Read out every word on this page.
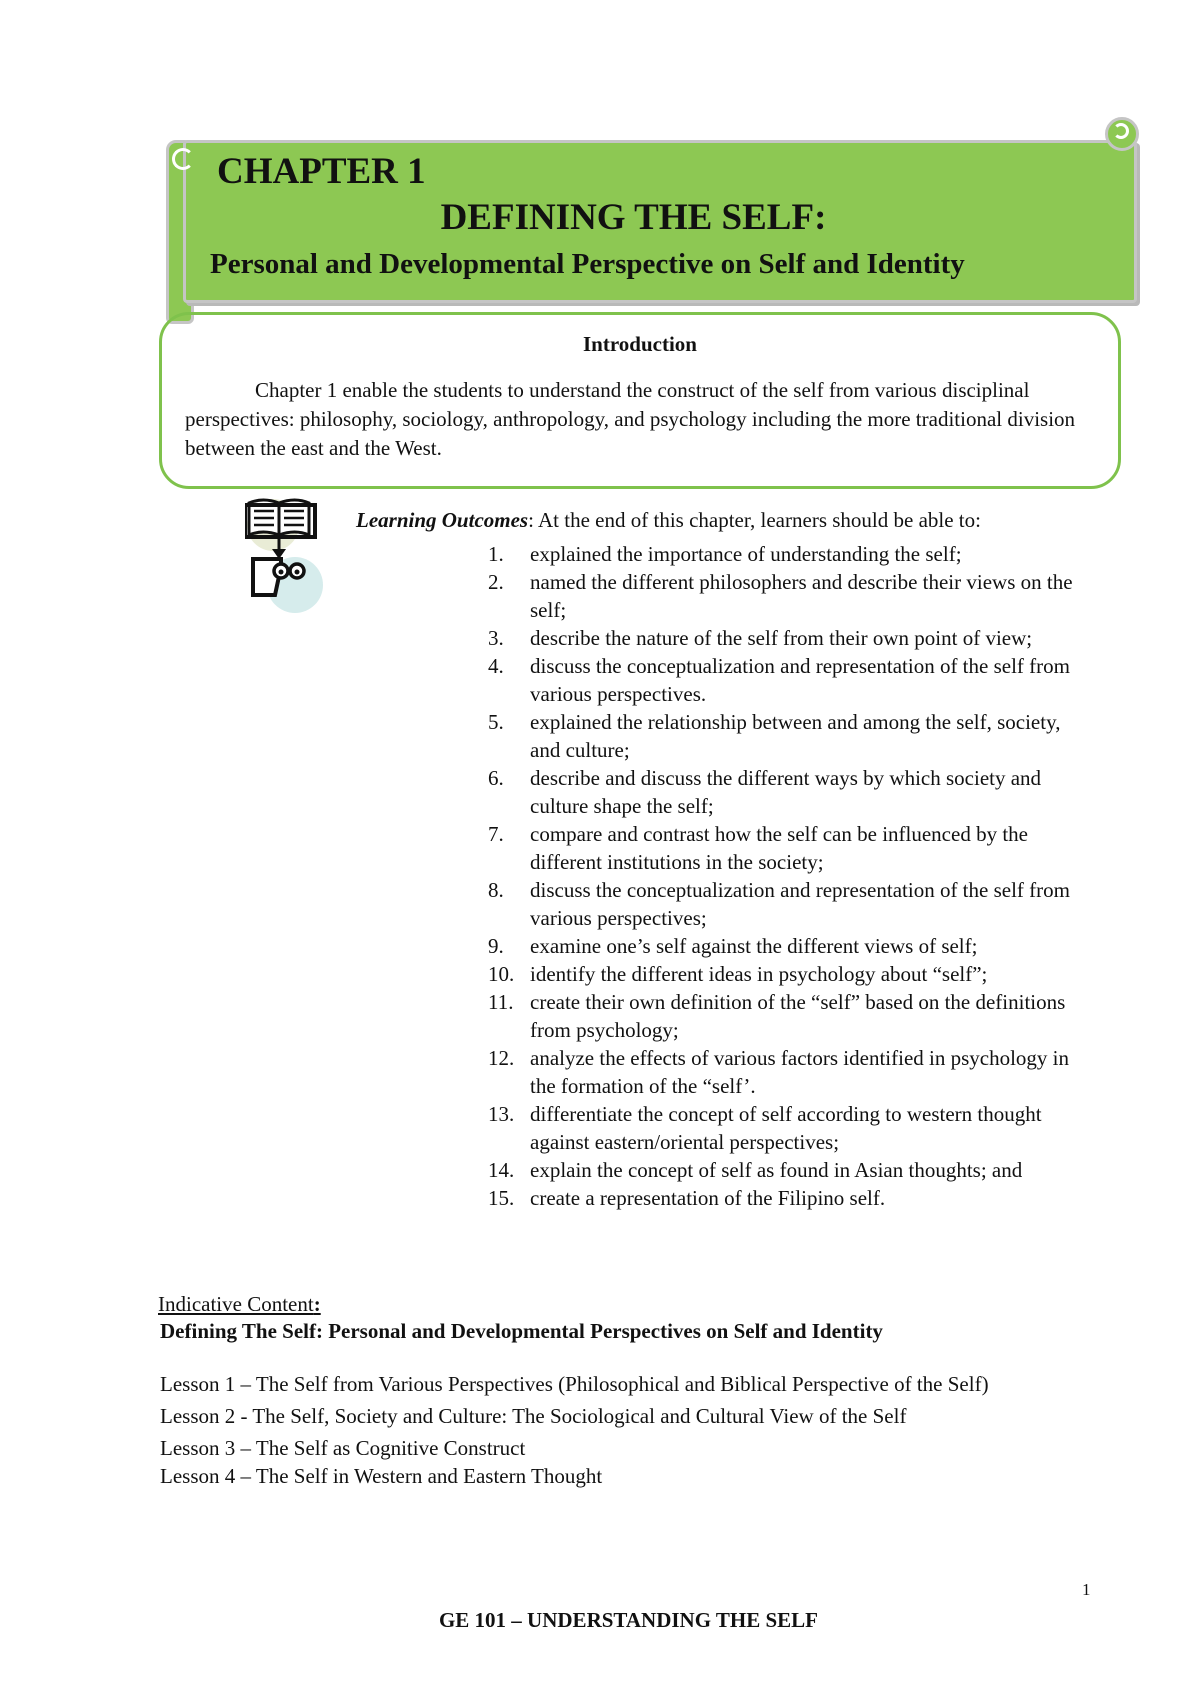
CHAPTER 1
DEFINING THE SELF:
Personal and Developmental Perspective on Self and Identity
Introduction
Chapter 1 enable the students to understand the construct of the self from various disciplinal perspectives: philosophy, sociology, anthropology, and psychology including the more traditional division between the east and the West.
Learning Outcomes: At the end of this chapter, learners should be able to:
1. explained the importance of understanding the self;
2. named the different philosophers and describe their views on the self;
3. describe the nature of the self from their own point of view;
4. discuss the conceptualization and representation of the self from various perspectives.
5. explained the relationship between and among the self, society, and culture;
6. describe and discuss the different ways by which society and culture shape the self;
7. compare and contrast how the self can be influenced by the different institutions in the society;
8. discuss the conceptualization and representation of the self from various perspectives;
9. examine one’s self against the different views of self;
10. identify the different ideas in psychology about “self”;
11. create their own definition of the “self” based on the definitions from psychology;
12. analyze the effects of various factors identified in psychology in the formation of the “self’.
13. differentiate the concept of self according to western thought against eastern/oriental perspectives;
14. explain the concept of self as found in Asian thoughts; and
15. create a representation of the Filipino self.
Indicative Content:
Defining The Self: Personal and Developmental Perspectives on Self and Identity
Lesson 1 – The Self from Various Perspectives (Philosophical and Biblical Perspective of the Self)
Lesson 2 - The Self, Society and Culture: The Sociological and Cultural View of the Self
Lesson 3 – The Self as Cognitive Construct
Lesson 4 – The Self in Western and Eastern Thought
1
GE 101 – UNDERSTANDING THE SELF
